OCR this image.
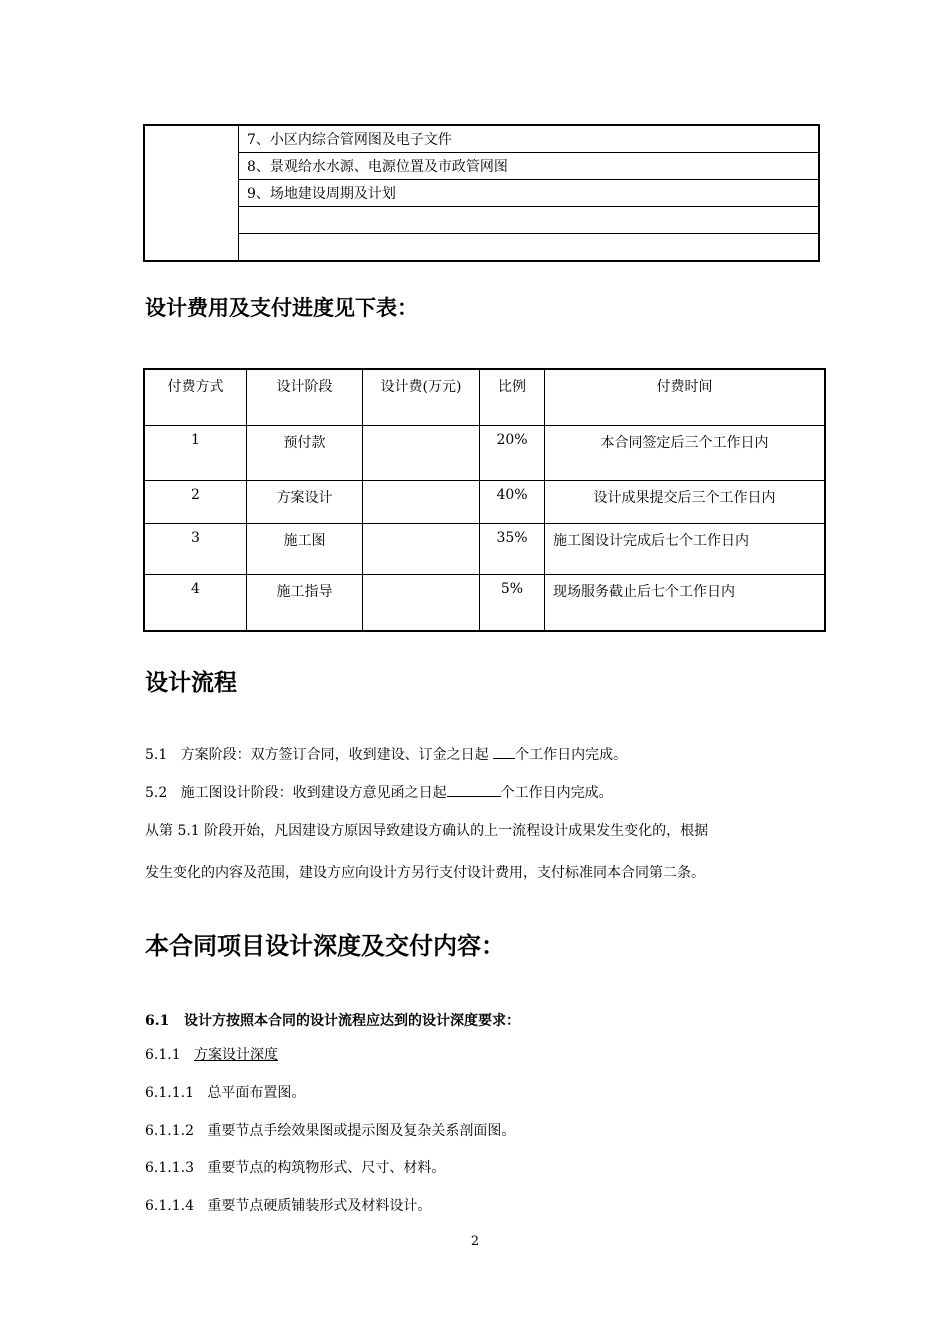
	7、小区内综合管网图及电子文件
8、景观给水水源、电源位置及市政管网图
9、场地建设周期及计划

设计费用及支付进度见下表：
付费方式	设计阶段	设计费(万元)	比例	付费时间
1	预付款		20%	本合同签定后三个工作日内
2	方案设计		40%	设计成果提交后三个工作日内
3	施工图		35%	施工图设计完成后七个工作日内
4	施工指导		5%	现场服务截止后七个工作日内
设计流程

5.1 方案阶段：双方签订合同，收到建设、订金之日起 个工作日内完成。

5.2 施工图设计阶段：收到建设方意见函之日起	个工作日内完成。

从第 5.1 阶段开始，凡因建设方原因导致建设方确认的上一流程设计成果发生变化的，根据

发生变化的内容及范围，建设方应向设计方另行支付设计费用，支付标准同本合同第二条。

本合同项目设计深度及交付内容：

6.1 设计方按照本合同的设计流程应达到的设计深度要求：

6.1.1 方案设计深度

6.1.1.1 总平面布置图。

6.1.1.2 重要节点手绘效果图或提示图及复杂关系剖面图。

6.1.1.3 重要节点的构筑物形式、尺寸、材料。

6.1.1.4 重要节点硬质铺装形式及材料设计。

2
